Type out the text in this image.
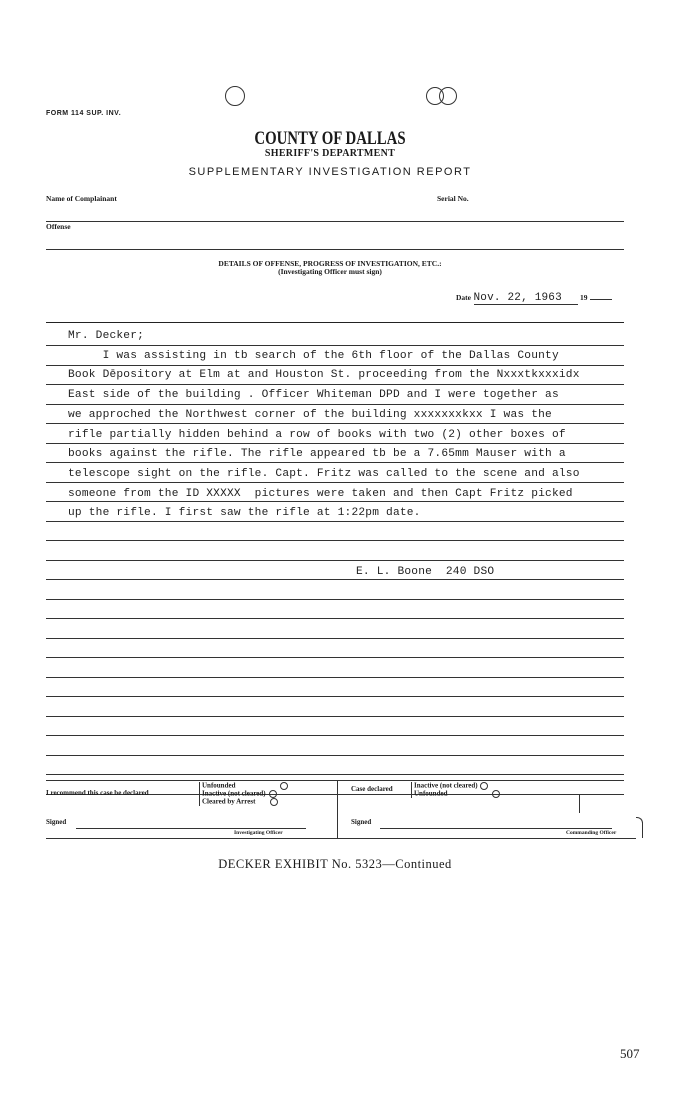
FORM 114 SUP. INV.
COUNTY OF DALLAS
SHERIFF'S DEPARTMENT
SUPPLEMENTARY INVESTIGATION REPORT
Name of Complainant	Serial No.
Offense
DETAILS OF OFFENSE, PROGRESS OF INVESTIGATION, ETC.:
(Investigating Officer must sign)
Date Nov. 22, 1963 19
Mr. Decker;
I was assisting in tb search of the 6th floor of the Dallas County
Book Dēpository at Elm at and Houston St. proceeding from the Nxxxtkxxxidx
East side of the building . Officer Whiteman DPD and I were together as
we approched the Northwest corner of the building xxxxxxxkxx I was the
rifle partially hidden behind a row of books with two (2) other boxes of
books against the rifle. The rifle appeared tb be a 7.65mm Mauser with a
telescope sight on the rifle. Capt. Fritz was called to the scene and also
someone from the ID XXXXX  pictures were taken and then Capt Fritz picked
up the rifle. I first saw the rifle at 1:22pm date.
E. L. Boone  240 DSO
I recommend this case be declared
Unfounded
Inactive (not cleared)
Cleared by Arrest
Case declared	Inactive (not cleared)
Unfounded
Signed
Investigating Officer
Signed
Commanding Officer
DECKER EXHIBIT No. 5323—Continued
507
